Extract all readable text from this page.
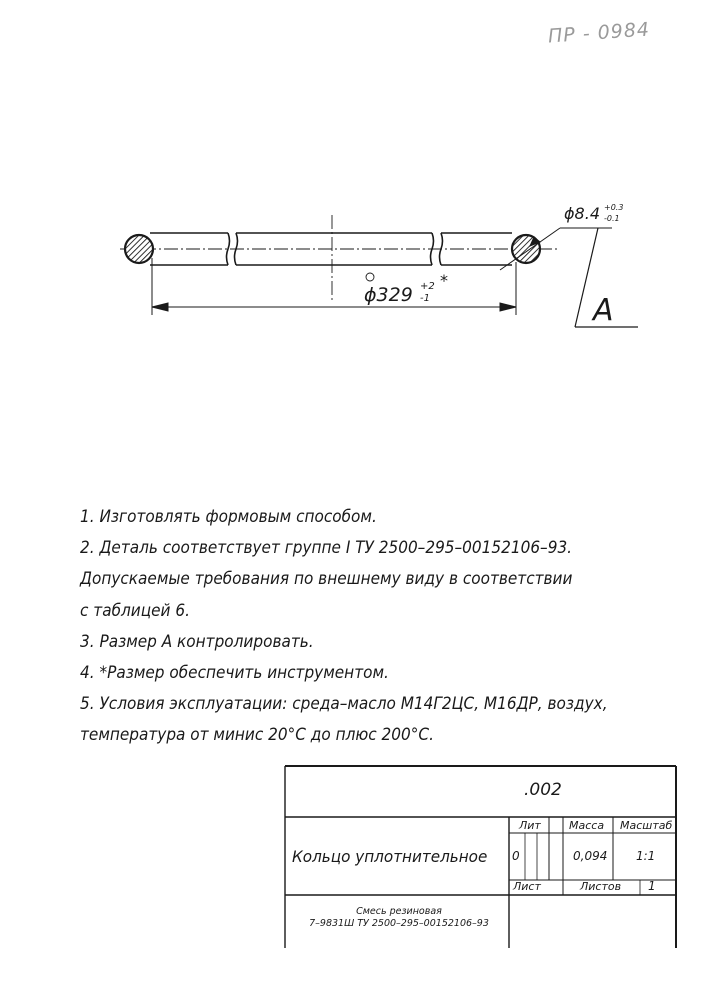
ПР - 0984
ϕ8.4 +0.3
-0.1
ϕ329 +2
-1
*
A
1. Изготовлять формовым способом.
2. Деталь соответствует группе I ТУ 2500–295–00152106–93.
Допускаемые требования по внешнему виду в соответствии
с таблицей 6.
3. Размер А контролировать.
4. *Размер обеспечить инструментом.
5. Условия эксплуатации: среда–масло М14Г2ЦС, М16ДР, воздух,
температура от минис 20°С до плюс 200°С.
.002
Кольцо уплотнительное
Лит	Масса Масштаб
0	0,094 1:1
Лист	Листов 1
Смесь резиновая
7–9831Ш ТУ 2500–295–00152106–93
